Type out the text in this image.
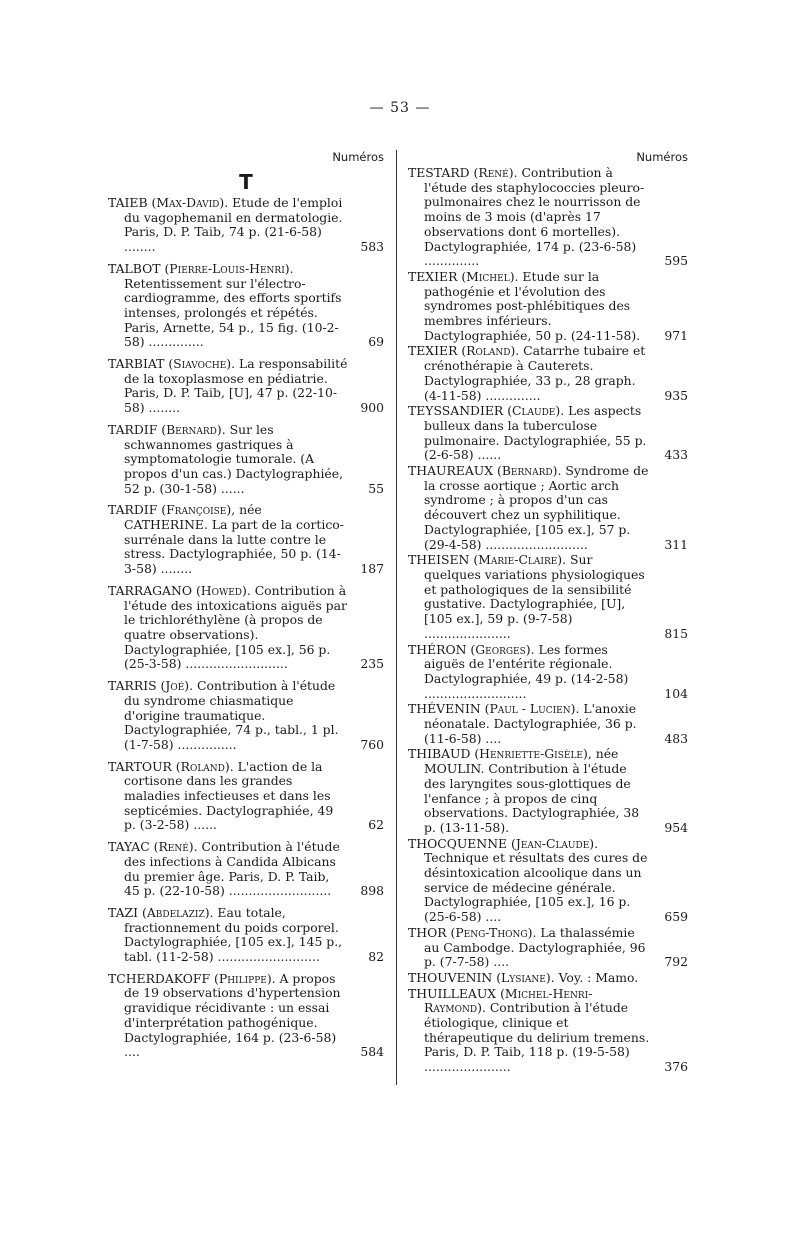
— 53 —
Numéros
T
TAIEB (Max-David). Etude de l'emploi du vagophemanil en dermatologie. Paris, D. P. Taib, 74 p. (21-6-58) ........	583
TALBOT (Pierre-Louis-Henri). Retentissement sur l'électro-cardiogramme, des efforts sportifs intenses, prolongés et répétés. Paris, Arnette, 54 p., 15 fig. (10-2-58) ..............	69
TARBIAT (Siavoche). La responsabilité de la toxoplasmose en pédiatrie. Paris, D. P. Taib, [U], 47 p. (22-10-58) ........	900
TARDIF (Bernard). Sur les schwannomes gastriques à symptomatologie tumorale. (A propos d'un cas.) Dactylographiée, 52 p. (30-1-58) ......	55
TARDIF (Françoise), née CATHERINE. La part de la cortico-surrénale dans la lutte contre le stress. Dactylographiée, 50 p. (14-3-58) ........	187
TARRAGANO (Howed). Contribution à l'étude des intoxications aiguës par le trichloréthylène (à propos de quatre observations). Dactylographiée, [105 ex.], 56 p. (25-3-58) ..........................	235
TARRIS (Joé). Contribution à l'étude du syndrome chiasmatique d'origine traumatique. Dactylographiée, 74 p., tabl., 1 pl. (1-7-58) ...............	760
TARTOUR (Roland). L'action de la cortisone dans les grandes maladies infectieuses et dans les septicémies. Dactylographiée, 49 p. (3-2-58) ......	62
TAYAC (René). Contribution à l'étude des infections à Candida Albicans du premier âge. Paris, D. P. Taib, 45 p. (22-10-58) ..........................	898
TAZI (Abdelaziz). Eau totale, fractionnement du poids corporel. Dactylographiée, [105 ex.], 145 p., tabl. (11-2-58) ..........................	82
TCHERDAKOFF (Philippe). A propos de 19 observations d'hypertension gravidique récidivante : un essai d'interprétation pathogénique. Dactylographiée, 164 p. (23-6-58) ....	584
Numéros
TESTARD (René). Contribution à l'étude des staphylococcies pleuro-pulmonaires chez le nourrisson de moins de 3 mois (d'après 17 observations dont 6 mortelles). Dactylographiée, 174 p. (23-6-58) ..............	595
TEXIER (Michel). Etude sur la pathogénie et l'évolution des syndromes post-phlébitiques des membres inférieurs. Dactylographiée, 50 p. (24-11-58).	971
TEXIER (Roland). Catarrhe tubaire et crénothérapie à Cauterets. Dactylographiée, 33 p., 28 graph. (4-11-58) ..............	935
TEYSSANDIER (Claude). Les aspects bulleux dans la tuberculose pulmonaire. Dactylographiée, 55 p. (2-6-58) ......	433
THAUREAUX (Bernard). Syndrome de la crosse aortique ; Aortic arch syndrome ; à propos d'un cas découvert chez un syphilitique. Dactylographiée, [105 ex.], 57 p. (29-4-58) ..........................	311
THEISEN (Marie-Claire). Sur quelques variations physiologiques et pathologiques de la sensibilité gustative. Dactylographiée, [U], [105 ex.], 59 p. (9-7-58) ......................	815
THÉRON (Georges). Les formes aiguës de l'entérite régionale. Dactylographiée, 49 p. (14-2-58) ..........................	104
THÉVENIN (Paul - Lucien). L'anoxie néonatale. Dactylographiée, 36 p. (11-6-58) ....	483
THIBAUD (Henriette-Gisèle), née MOULIN. Contribution à l'étude des laryngites sous-glottiques de l'enfance ; à propos de cinq observations. Dactylographiée, 38 p. (13-11-58).	954
THOCQUENNE (Jean-Claude). Technique et résultats des cures de désintoxication alcoolique dans un service de médecine générale. Dactylographiée, [105 ex.], 16 p. (25-6-58) ....	659
THOR (Peng-Thong). La thalassémie au Cambodge. Dactylographiée, 96 p. (7-7-58) ....	792
THOUVENIN (Lysiane). Voy. : Mamo.
THUILLEAUX (Michel-Henri-Raymond). Contribution à l'étude étiologique, clinique et thérapeutique du delirium tremens. Paris, D. P. Taib, 118 p. (19-5-58) ......................	376
